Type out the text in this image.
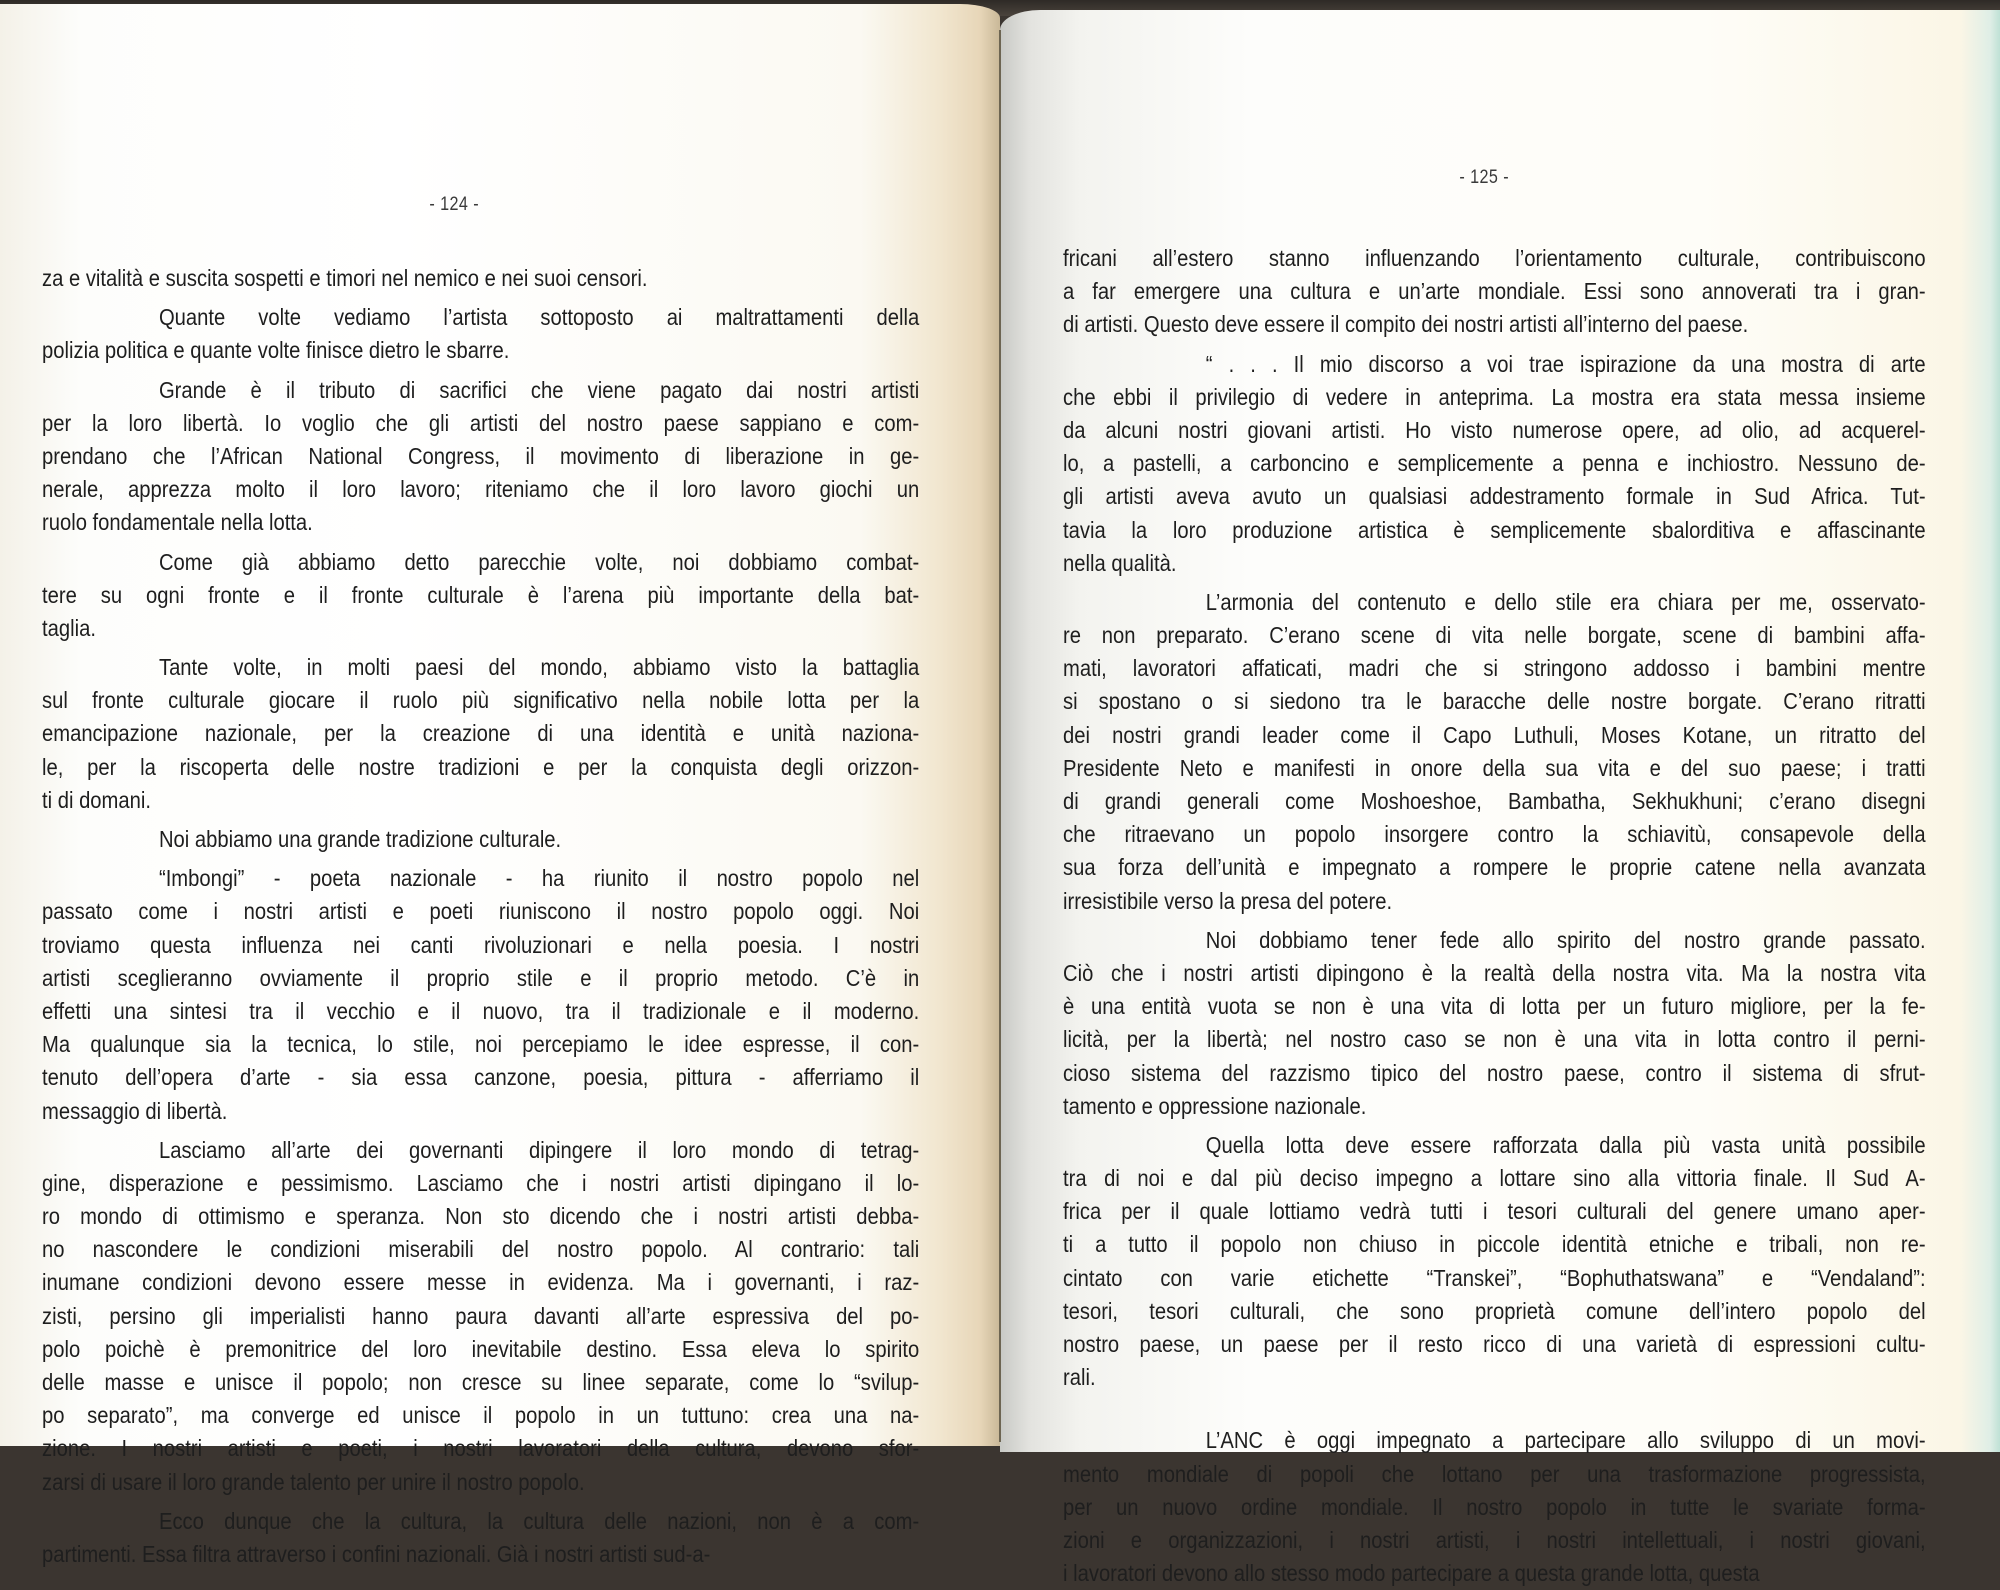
- 124 -
za e vitalità e suscita sospetti e timori nel nemico e nei suoi censori.
Quante volte vediamo l’artista sottoposto ai maltrattamenti della
polizia politica e quante volte finisce dietro le sbarre.
Grande è il tributo di sacrifici che viene pagato dai nostri artisti
per la loro libertà. Io voglio che gli artisti del nostro paese sappiano e com-
prendano che l’African National Congress, il movimento di liberazione in ge-
nerale, apprezza molto il loro lavoro; riteniamo che il loro lavoro giochi un
ruolo fondamentale nella lotta.
Come già abbiamo detto parecchie volte, noi dobbiamo combat-
tere su ogni fronte e il fronte culturale è l’arena più importante della bat-
taglia.
Tante volte, in molti paesi del mondo, abbiamo visto la battaglia
sul fronte culturale giocare il ruolo più significativo nella nobile lotta per la
emancipazione nazionale, per la creazione di una identità e unità naziona-
le, per la riscoperta delle nostre tradizioni e per la conquista degli orizzon-
ti di domani.
Noi abbiamo una grande tradizione culturale.
“Imbongi” - poeta nazionale - ha riunito il nostro popolo nel
passato come i nostri artisti e poeti riuniscono il nostro popolo oggi. Noi
troviamo questa influenza nei canti rivoluzionari e nella poesia. I nostri
artisti sceglieranno ovviamente il proprio stile e il proprio metodo. C’è in
effetti una sintesi tra il vecchio e il nuovo, tra il tradizionale e il moderno.
Ma qualunque sia la tecnica, lo stile, noi percepiamo le idee espresse, il con-
tenuto dell’opera d’arte - sia essa canzone, poesia, pittura - afferriamo il
messaggio di libertà.
Lasciamo all’arte dei governanti dipingere il loro mondo di tetrag-
gine, disperazione e pessimismo. Lasciamo che i nostri artisti dipingano il lo-
ro mondo di ottimismo e speranza. Non sto dicendo che i nostri artisti debba-
no nascondere le condizioni miserabili del nostro popolo. Al contrario: tali
inumane condizioni devono essere messe in evidenza. Ma i governanti, i raz-
zisti, persino gli imperialisti hanno paura davanti all’arte espressiva del po-
polo poichè è premonitrice del loro inevitabile destino. Essa eleva lo spirito
delle masse e unisce il popolo; non cresce su linee separate, come lo “svilup-
po separato”, ma converge ed unisce il popolo in un tuttuno: crea una na-
zione. I nostri artisti e poeti, i nostri lavoratori della cultura, devono sfor-
zarsi di usare il loro grande talento per unire il nostro popolo.
Ecco dunque che la cultura, la cultura delle nazioni, non è a com-
partimenti. Essa filtra attraverso i confini nazionali. Già i nostri artisti sud-a-
- 125 -
fricani all’estero stanno influenzando l’orientamento culturale, contribuiscono
a far emergere una cultura e un’arte mondiale. Essi sono annoverati tra i gran-
di artisti. Questo deve essere il compito dei nostri artisti all’interno del paese.
“ . . . Il mio discorso a voi trae ispirazione da una mostra di arte
che ebbi il privilegio di vedere in anteprima. La mostra era stata messa insieme
da alcuni nostri giovani artisti. Ho visto numerose opere, ad olio, ad acquerel-
lo, a pastelli, a carboncino e semplicemente a penna e inchiostro. Nessuno de-
gli artisti aveva avuto un qualsiasi addestramento formale in Sud Africa. Tut-
tavia la loro produzione artistica è semplicemente sbalorditiva e affascinante
nella qualità.
L’armonia del contenuto e dello stile era chiara per me, osservato-
re non preparato. C’erano scene di vita nelle borgate, scene di bambini affa-
mati, lavoratori affaticati, madri che si stringono addosso i bambini mentre
si spostano o si siedono tra le baracche delle nostre borgate. C’erano ritratti
dei nostri grandi leader come il Capo Luthuli, Moses Kotane, un ritratto del
Presidente Neto e manifesti in onore della sua vita e del suo paese; i tratti
di grandi generali come Moshoeshoe, Bambatha, Sekhukhuni; c’erano disegni
che ritraevano un popolo insorgere contro la schiavitù, consapevole della
sua forza dell’unità e impegnato a rompere le proprie catene nella avanzata
irresistibile verso la presa del potere.
Noi dobbiamo tener fede allo spirito del nostro grande passato.
Ciò che i nostri artisti dipingono è la realtà della nostra vita. Ma la nostra vita
è una entità vuota se non è una vita di lotta per un futuro migliore, per la fe-
licità, per la libertà; nel nostro caso se non è una vita in lotta contro il perni-
cioso sistema del razzismo tipico del nostro paese, contro il sistema di sfrut-
tamento e oppressione nazionale.
Quella lotta deve essere rafforzata dalla più vasta unità possibile
tra di noi e dal più deciso impegno a lottare sino alla vittoria finale. Il Sud A-
frica per il quale lottiamo vedrà tutti i tesori culturali del genere umano aper-
ti a tutto il popolo non chiuso in piccole identità etniche e tribali, non re-
cintato con varie etichette “Transkei”, “Bophuthatswana” e “Vendaland”:
tesori, tesori culturali, che sono proprietà comune dell’intero popolo del
nostro paese, un paese per il resto ricco di una varietà di espressioni cultu-
rali.
L’ANC è oggi impegnato a partecipare allo sviluppo di un movi-
mento mondiale di popoli che lottano per una trasformazione progressista,
per un nuovo ordine mondiale. Il nostro popolo in tutte le svariate forma-
zioni e organizzazioni, i nostri artisti, i nostri intellettuali, i nostri giovani,
i lavoratori devono allo stesso modo partecipare a questa grande lotta, questa
